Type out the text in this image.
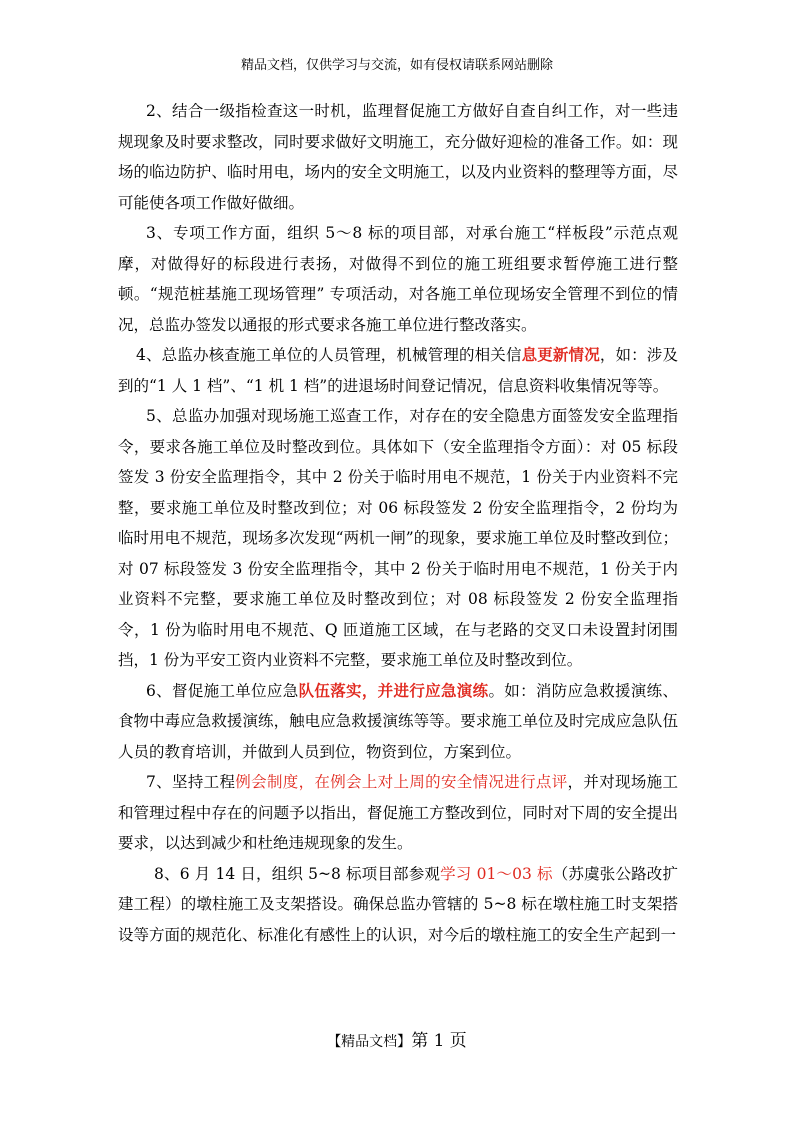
精品文档，仅供学习与交流，如有侵权请联系网站删除

2、结合一级指检查这一时机，监理督促施工方做好自查自纠工作，对一些违规现象及时要求整改，同时要求做好文明施工，充分做好迎检的准备工作。如：现场的临边防护、临时用电，场内的安全文明施工，以及内业资料的整理等方面，尽可能使各项工作做好做细。

3、专项工作方面，组织 5～8 标的项目部，对承台施工“样板段”示范点观摩，对做得好的标段进行表扬，对做得不到位的施工班组要求暂停施工进行整顿。“规范桩基施工现场管理” 专项活动，对各施工单位现场安全管理不到位的情况，总监办签发以通报的形式要求各施工单位进行整改落实。

4、总监办核查施工单位的人员管理，机械管理的相关信息更新情况，如：涉及到的“1 人 1 档”、“1 机 1 档”的进退场时间登记情况，信息资料收集情况等等。

5、总监办加强对现场施工巡查工作，对存在的安全隐患方面签发安全监理指令，要求各施工单位及时整改到位。具体如下（安全监理指令方面）：对 05 标段签发 3 份安全监理指令，其中 2 份关于临时用电不规范，1 份关于内业资料不完整，要求施工单位及时整改到位；对 06 标段签发 2 份安全监理指令，2 份均为临时用电不规范，现场多次发现“两机一闸”的现象，要求施工单位及时整改到位；对 07 标段签发 3 份安全监理指令，其中 2 份关于临时用电不规范，1 份关于内业资料不完整，要求施工单位及时整改到位；对 08 标段签发 2 份安全监理指令，1 份为临时用电不规范、Q 匝道施工区域，在与老路的交叉口未设置封闭围挡，1 份为平安工资内业资料不完整，要求施工单位及时整改到位。

6、督促施工单位应急队伍落实，并进行应急演练。如：消防应急救援演练、食物中毒应急救援演练，触电应急救援演练等等。要求施工单位及时完成应急队伍人员的教育培训，并做到人员到位，物资到位，方案到位。

7、坚持工程例会制度，在例会上对上周的安全情况进行点评，并对现场施工和管理过程中存在的问题予以指出，督促施工方整改到位，同时对下周的安全提出要求，以达到减少和杜绝违规现象的发生。

8、6 月 14 日，组织 5~8 标项目部参观学习 01～03 标（苏虞张公路改扩建工程）的墩柱施工及支架搭设。确保总监办管辖的 5~8 标在墩柱施工时支架搭设等方面的规范化、标准化有感性上的认识，对今后的墩柱施工的安全生产起到一

【精品文档】第 1 页
